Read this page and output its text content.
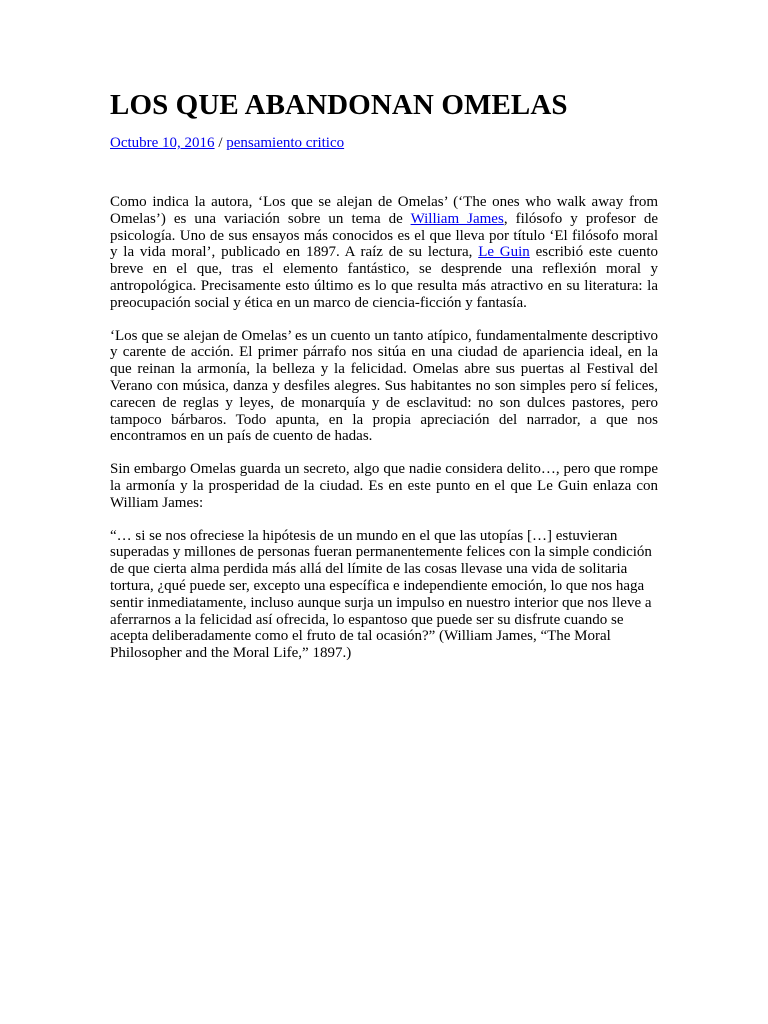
LOS QUE ABANDONAN OMELAS
Octubre 10, 2016 / pensamiento critico

Como indica la autora, ‘Los que se alejan de Omelas’ (‘The ones who walk away from Omelas’) es una variación sobre un tema de William James, filósofo y profesor de psicología. Uno de sus ensayos más conocidos es el que lleva por título ‘El filósofo moral y la vida moral’, publicado en 1897. A raíz de su lectura, Le Guin escribió este cuento breve en el que, tras el elemento fantástico, se desprende una reflexión moral y antropológica. Precisamente esto último es lo que resulta más atractivo en su literatura: la preocupación social y ética en un marco de ciencia-ficción y fantasía.

‘Los que se alejan de Omelas’ es un cuento un tanto atípico, fundamentalmente descriptivo y carente de acción. El primer párrafo nos sitúa en una ciudad de apariencia ideal, en la que reinan la armonía, la belleza y la felicidad. Omelas abre sus puertas al Festival del Verano con música, danza y desfiles alegres. Sus habitantes no son simples pero sí felices, carecen de reglas y leyes, de monarquía y de esclavitud: no son dulces pastores, pero tampoco bárbaros. Todo apunta, en la propia apreciación del narrador, a que nos encontramos en un país de cuento de hadas.

Sin embargo Omelas guarda un secreto, algo que nadie considera delito…, pero que rompe la armonía y la prosperidad de la ciudad. Es en este punto en el que Le Guin enlaza con William James:

“… si se nos ofreciese la hipótesis de un mundo en el que las utopías […] estuvieran superadas y millones de personas fueran permanentemente felices con la simple condición de que cierta alma perdida más allá del límite de las cosas llevase una vida de solitaria tortura, ¿qué puede ser, excepto una específica e independiente emoción, lo que nos haga sentir inmediatamente, incluso aunque surja un impulso en nuestro interior que nos lleve a aferrarnos a la felicidad así ofrecida, lo espantoso que puede ser su disfrute cuando se acepta deliberadamente como el fruto de tal ocasión?” (William James, “The Moral Philosopher and the Moral Life,” 1897.)
